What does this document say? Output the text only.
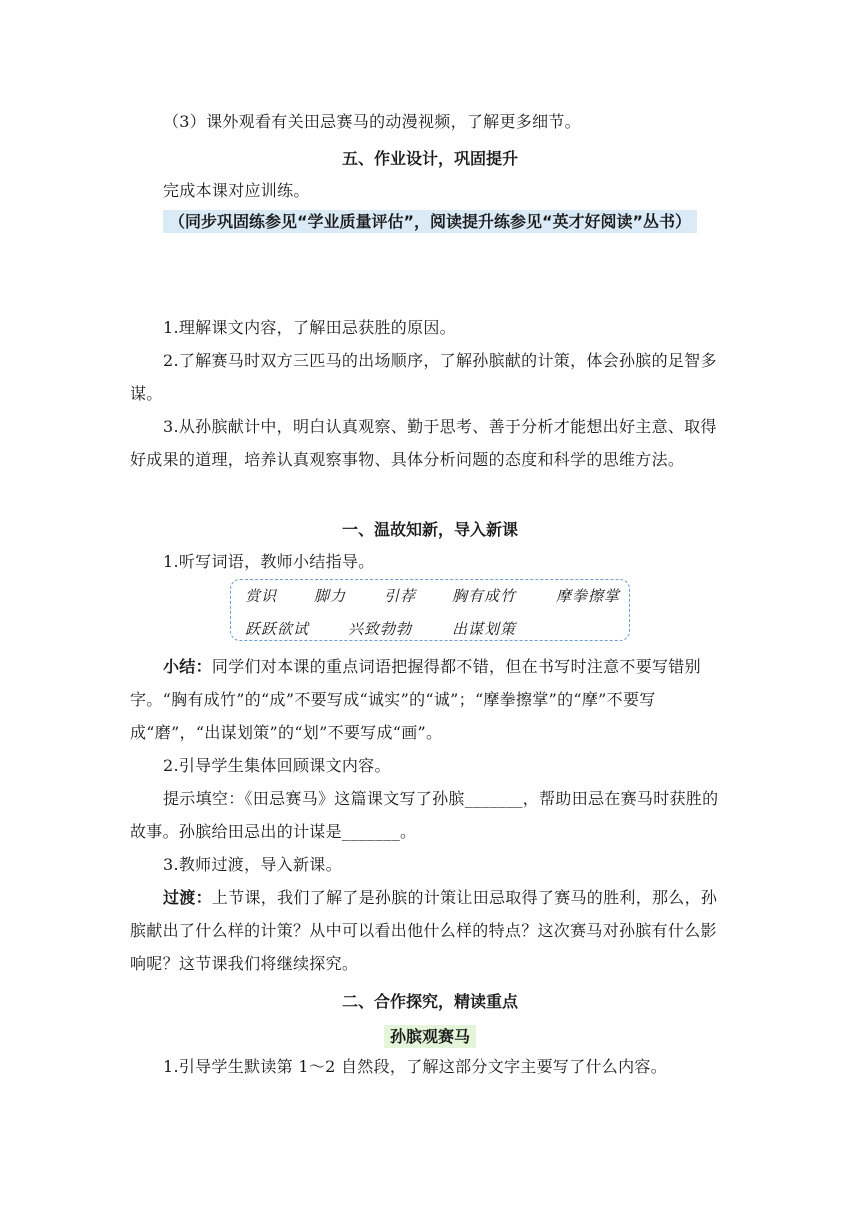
（3）课外观看有关田忌赛马的动漫视频，了解更多细节。
五、作业设计，巩固提升
完成本课对应训练。
（同步巩固练参见“学业质量评估”，阅读提升练参见“英才好阅读”丛书）
1.理解课文内容，了解田忌获胜的原因。
2.了解赛马时双方三匹马的出场顺序，了解孙膑献的计策，体会孙膑的足智多谋。
3.从孙膑献计中，明白认真观察、勤于思考、善于分析才能想出好主意、取得好成果的道理，培养认真观察事物、具体分析问题的态度和科学的思维方法。
一、温故知新，导入新课
1.听写词语，教师小结指导。
赏识 脚力	引荐 胸有成竹	摩拳擦掌
跃跃欲试	兴致勃勃	出谋划策
小结：同学们对本课的重点词语把握得都不错，但在书写时注意不要写错别字。“胸有成竹”的“成”不要写成“诚实”的“诚”；“摩拳擦掌”的“摩”不要写成“磨”，“出谋划策”的“划”不要写成“画”。
2.引导学生集体回顾课文内容。
提示填空：《田忌赛马》这篇课文写了孙膑_______，帮助田忌在赛马时获胜的故事。孙膑给田忌出的计谋是_______。
3.教师过渡，导入新课。
过渡：上节课，我们了解了是孙膑的计策让田忌取得了赛马的胜利，那么，孙膑献出了什么样的计策？从中可以看出他什么样的特点？这次赛马对孙膑有什么影响呢？这节课我们将继续探究。
二、合作探究，精读重点
孙膑观赛马
1.引导学生默读第 1～2 自然段，了解这部分文字主要写了什么内容。
